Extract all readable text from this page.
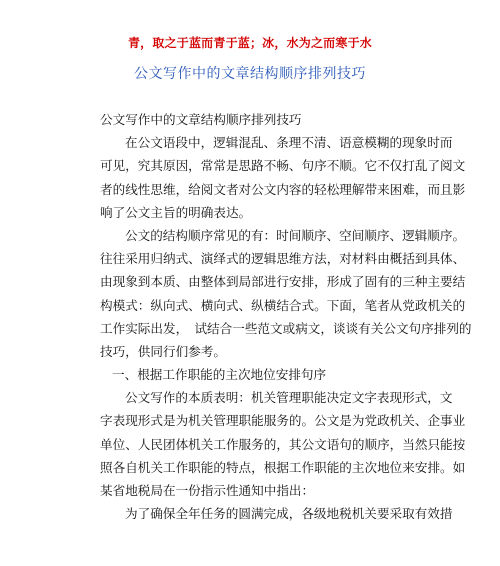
青，取之于蓝而青于蓝；冰，水为之而寒于水
公文写作中的文章结构顺序排列技巧
公文写作中的文章结构顺序排列技巧
在公文语段中，逻辑混乱、条理不清、语意模糊的现象时而
可见，究其原因，常常是思路不畅、句序不顺。它不仅打乱了阅文
者的线性思维，给阅文者对公文内容的轻松理解带来困难，而且影
响了公文主旨的明确表达。
公文的结构顺序常见的有：时间顺序、空间顺序、逻辑顺序。
往往采用归纳式、演绎式的逻辑思维方法，对材料由概括到具体、
由现象到本质、由整体到局部进行安排，形成了固有的三种主要结
构模式：纵向式、横向式、纵横结合式。下面，笔者从党政机关的
工作实际出发，　试结合一些范文或病文，谈谈有关公文句序排列的
技巧，供同行们参考。
一、根据工作职能的主次地位安排句序
公文写作的本质表明：机关管理职能决定文字表现形式，文
字表现形式是为机关管理职能服务的。公文是为党政机关、企事业
单位、人民团体机关工作服务的，其公文语句的顺序，当然只能按
照各自机关工作职能的特点，根据工作职能的主次地位来安排。如
某省地税局在一份指示性通知中指出：
为了确保全年任务的圆满完成，各级地税机关要采取有效措
